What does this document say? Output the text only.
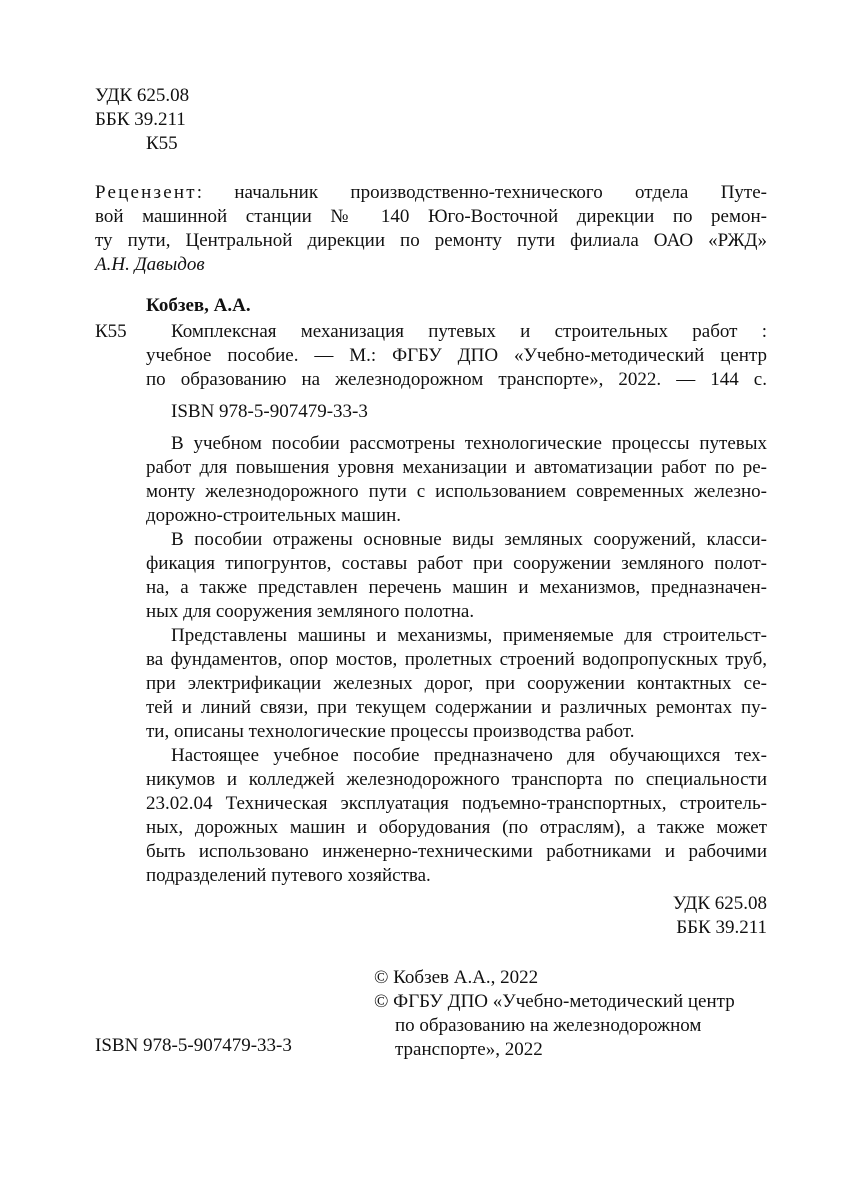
УДК 625.08
ББК 39.211
К55
Рецензент: начальник производственно-технического отдела Путе-
вой машинной станции № 140 Юго-Восточной дирекции по ремон-
ту пути, Центральной дирекции по ремонту пути филиала ОАО «РЖД»
А.Н. Давыдов
Кобзев, А.А.
К55 Комплексная механизация путевых и строительных работ :
учебное пособие. — М.: ФГБУ ДПО «Учебно-методический центр
по образованию на железнодорожном транспорте», 2022. — 144 с.
ISBN 978-5-907479-33-3
В учебном пособии рассмотрены технологические процессы путевых
работ для повышения уровня механизации и автоматизации работ по ре-
монту железнодорожного пути с использованием современных железно-
дорожно-строительных машин.
В пособии отражены основные виды земляных сооружений, класси-
фикация типогрунтов, составы работ при сооружении земляного полот-
на, а также представлен перечень машин и механизмов, предназначен-
ных для сооружения земляного полотна.
Представлены машины и механизмы, применяемые для строительст-
ва фундаментов, опор мостов, пролетных строений водопропускных труб,
при электрификации железных дорог, при сооружении контактных се-
тей и линий связи, при текущем содержании и различных ремонтах пу-
ти, описаны технологические процессы производства работ.
Настоящее учебное пособие предназначено для обучающихся тех-
никумов и колледжей железнодорожного транспорта по специальности
23.02.04 Техническая эксплуатация подъемно-транспортных, строитель-
ных, дорожных машин и оборудования (по отраслям), а также может
быть использовано инженерно-техническими работниками и рабочими
подразделений путевого хозяйства.
УДК 625.08
ББК 39.211
© Кобзев А.А., 2022
© ФГБУ ДПО «Учебно-методический центр
по образованию на железнодорожном
транспорте», 2022
ISBN 978-5-907479-33-3
